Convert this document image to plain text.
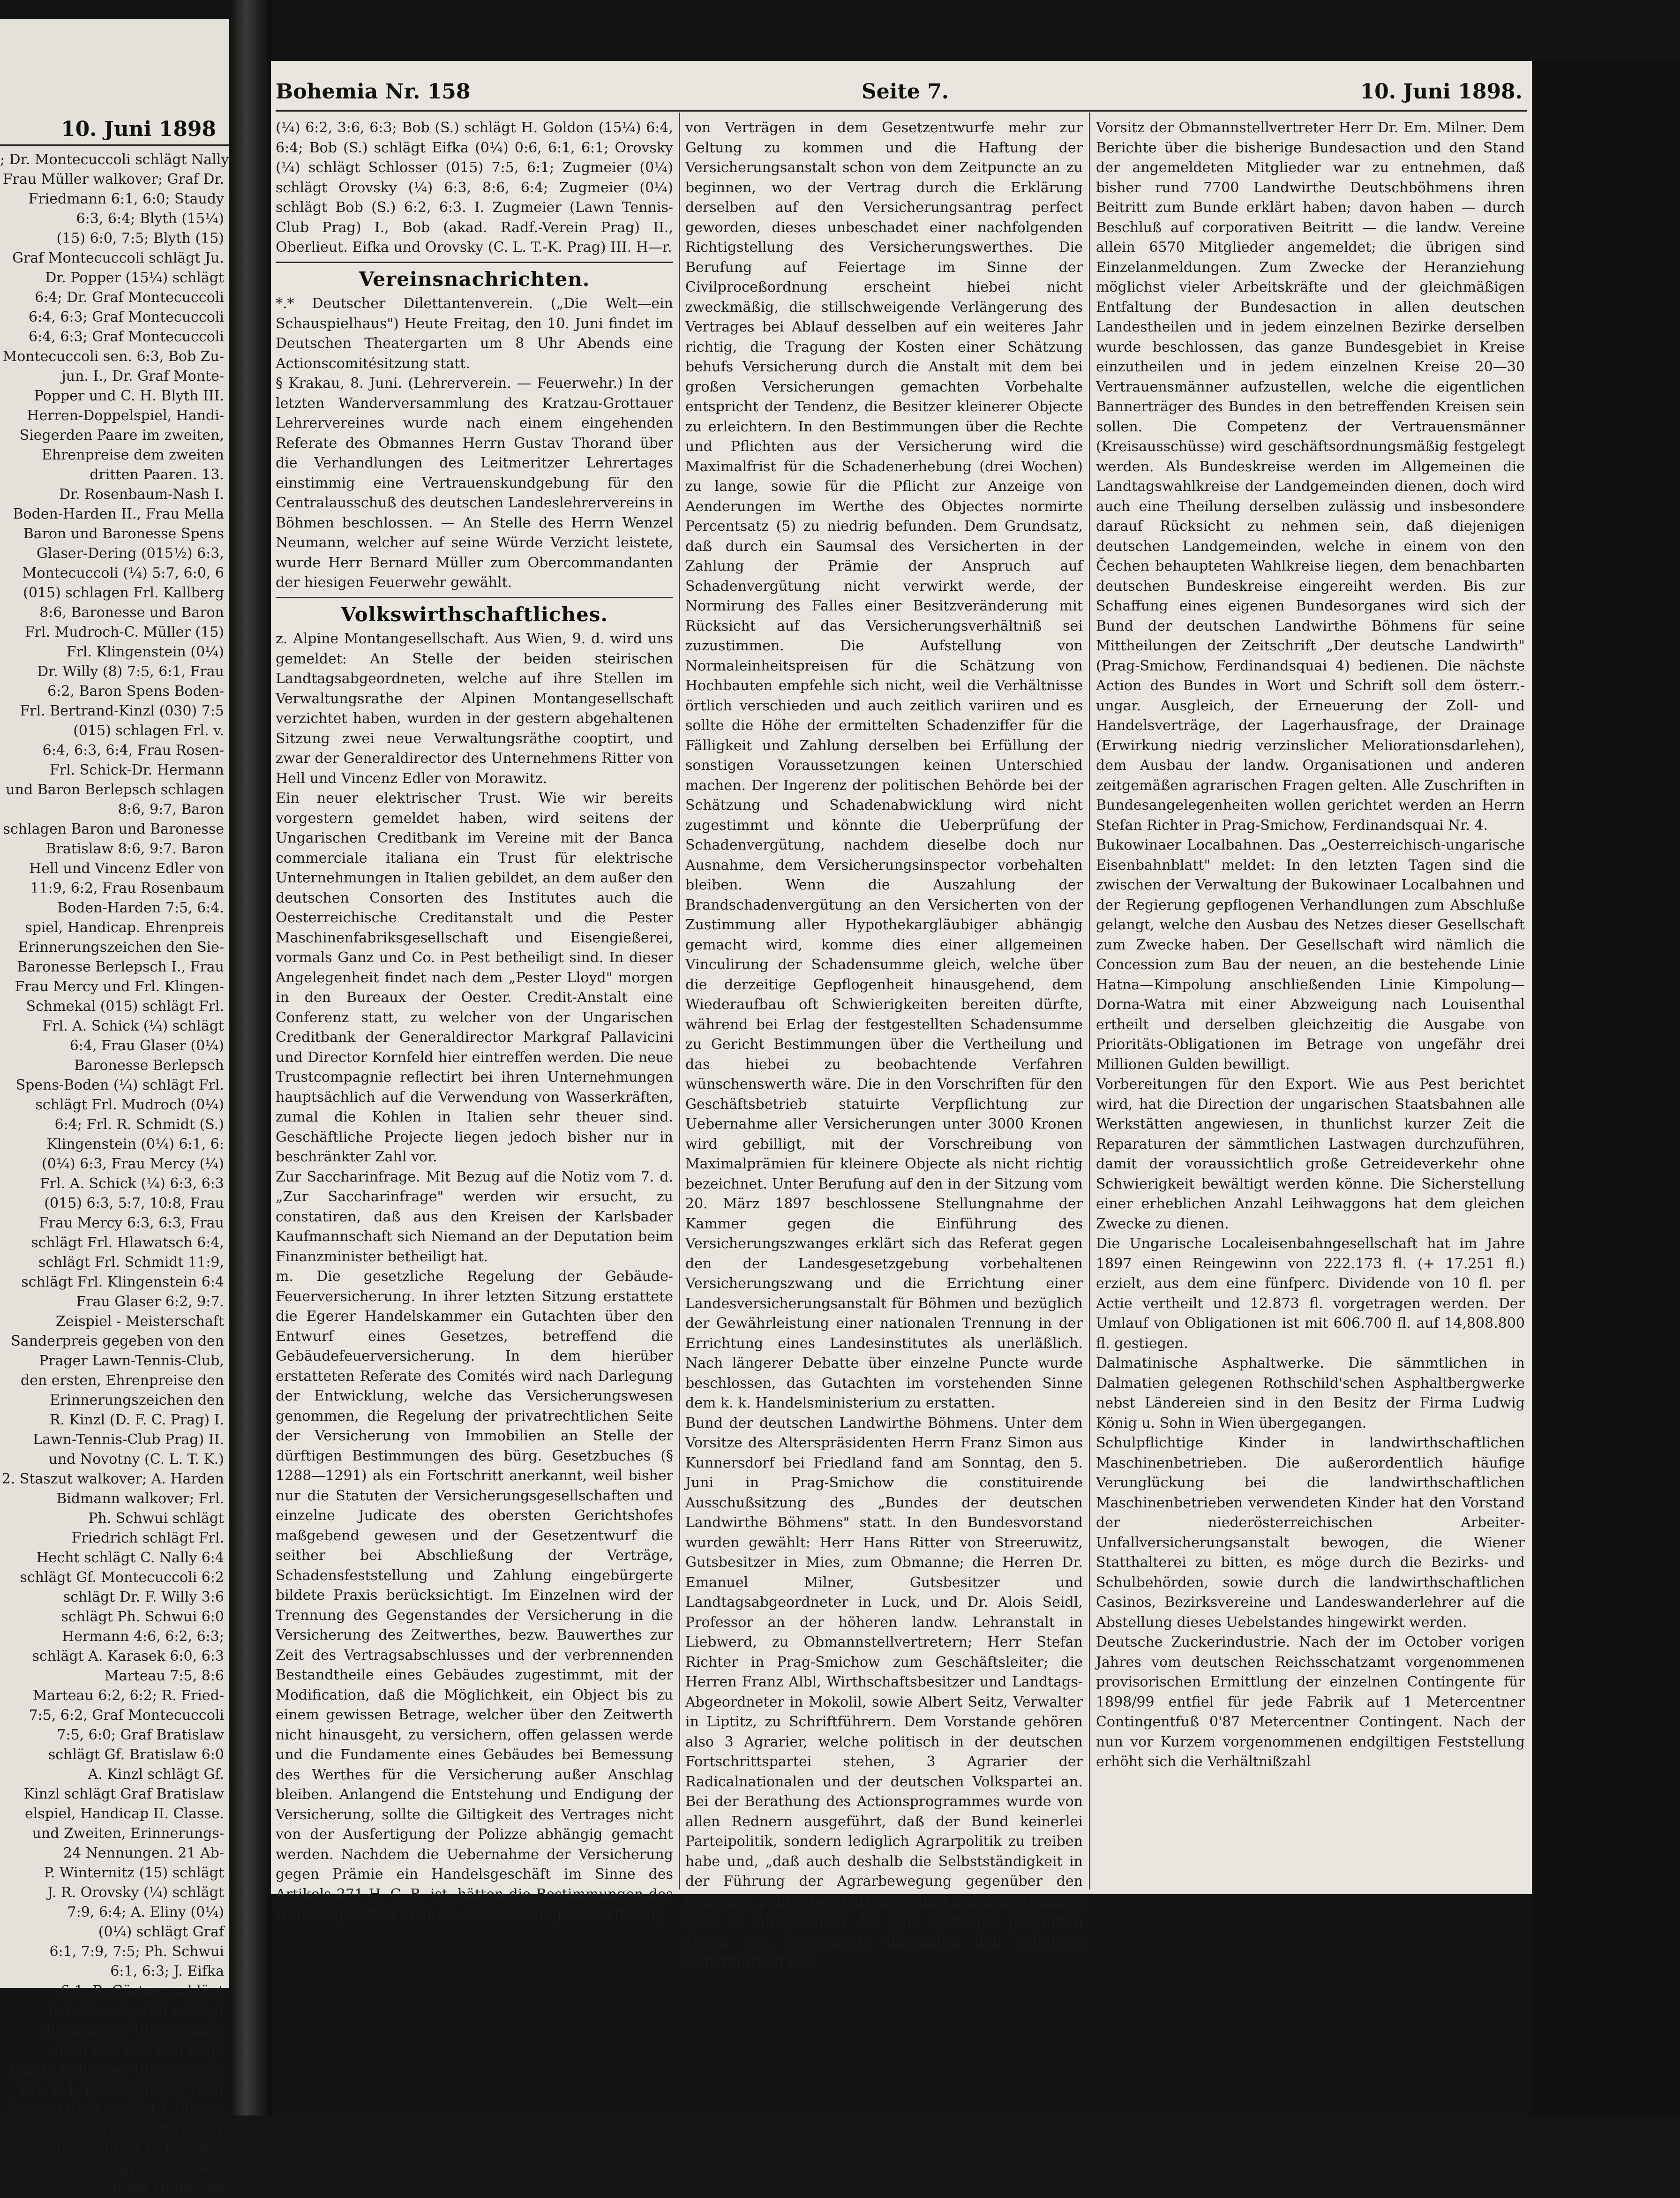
10. Juni 1898
; Dr. Montecuccoli schlägt Nally
Frau Müller walkover; Graf Dr.
Friedmann 6:1, 6:0; Staudy
6:3, 6:4; Blyth (15¼)
(15) 6:0, 7:5; Blyth (15)
Graf Montecuccoli schlägt Ju.
Dr. Popper (15¼) schlägt
6:4; Dr. Graf Montecuccoli
6:4, 6:3; Graf Montecuccoli
6:4, 6:3; Graf Montecuccoli
Montecuccoli sen. 6:3, Bob Zu-
jun. I., Dr. Graf Monte-
Popper und C. H. Blyth III.
Herren-Doppelspiel, Handi-
Siegerden Paare im zweiten,
Ehrenpreise dem zweiten
dritten Paaren. 13.
Dr. Rosenbaum-Nash I.
Boden-Harden II., Frau Mella
Baron und Baronesse Spens
Glaser-Dering (015½) 6:3,
Montecuccoli (¼) 5:7, 6:0, 6
(015) schlagen Frl. Kallberg
8:6, Baronesse und Baron
Frl. Mudroch-C. Müller (15)
Frl. Klingenstein (0¼)
Dr. Willy (8) 7:5, 6:1, Frau
6:2, Baron Spens Boden-
Frl. Bertrand-Kinzl (030) 7:5
(015) schlagen Frl. v.
6:4, 6:3, 6:4, Frau Rosen-
Frl. Schick-Dr. Hermann
und Baron Berlepsch schlagen
8:6, 9:7, Baron
schlagen Baron und Baronesse
Bratislaw 8:6, 9:7. Baron
Hell und Vincenz Edler von
11:9, 6:2, Frau Rosenbaum
Boden-Harden 7:5, 6:4.
spiel, Handicap. Ehrenpreis
Erinnerungszeichen den Sie-
Baronesse Berlepsch I., Frau
Frau Mercy und Frl. Klingen-
Schmekal (015) schlägt Frl.
Frl. A. Schick (¼) schlägt
6:4, Frau Glaser (0¼)
Baronesse Berlepsch
Spens-Boden (¼) schlägt Frl.
schlägt Frl. Mudroch (0¼)
6:4; Frl. R. Schmidt (S.)
Klingenstein (0¼) 6:1, 6:
(0¼) 6:3, Frau Mercy (¼)
Frl. A. Schick (¼) 6:3, 6:3
(015) 6:3, 5:7, 10:8, Frau
Frau Mercy 6:3, 6:3, Frau
schlägt Frl. Hlawatsch 6:4,
schlägt Frl. Schmidt 11:9,
schlägt Frl. Klingenstein 6:4
Frau Glaser 6:2, 9:7.
Zeispiel - Meisterschaft
Sanderpreis gegeben von den
Prager Lawn-Tennis-Club,
den ersten, Ehrenpreise den
Erinnerungszeichen den
R. Kinzl (D. F. C. Prag) I.
Lawn-Tennis-Club Prag) II.
und Novotny (C. L. T. K.)
2. Staszut walkover; A. Harden
Bidmann walkover; Frl.
Ph. Schwui schlägt
Friedrich schlägt Frl.
Hecht schlägt C. Nally 6:4
schlägt Gf. Montecuccoli 6:2
schlägt Dr. F. Willy 3:6
schlägt Ph. Schwui 6:0
Hermann 4:6, 6:2, 6:3;
schlägt A. Karasek 6:0, 6:3
Marteau 7:5, 8:6
Marteau 6:2, 6:2; R. Fried-
7:5, 6:2, Graf Montecuccoli
7:5, 6:0; Graf Bratislaw
schlägt Gf. Bratislaw 6:0
A. Kinzl schlägt Gf.
Kinzl schlägt Graf Bratislaw
elspiel, Handicap II. Classe.
und Zweiten, Erinnerungs-
24 Nennungen. 21 Ab-
P. Winternitz (15) schlägt
J. R. Orovsky (¼) schlägt
7:9, 6:4; A. Eliny (0¼)
(0¼) schlägt Graf
6:1, 7:9, 7:5; Ph. Schwui
6:1, 6:3; J. Eifka
6:1; B. Gärtner schlägt
6:1; Orovsky (¼) schlägt
P. Zugmeier (0¼) schlägt
(0¼) 6:3, 6:2; Bob Zuge
6:2; O. Schlosser (0¼) schlägt
6:1, 6:1; Bob Zugmeier (0¼)
Schwui (0¼) schlägt J. Dlouhy
Eifka (0¼) schlägt Dlouhy
(0¼) schlägt C. Brunner
(0¼) schlägt Ph. Schwui
schlägt Hoffmann
Bohemia Nr. 158	Seite 7.	10. Juni 1898.

(¼) 6:2, 3:6, 6:3; Bob (S.) schlägt H. Goldon (15¼) 6:4, 6:4; Bob (S.) schlägt Eifka (0¼) 0:6, 6:1, 6:1; Orovsky (¼) schlägt Schlosser (015) 7:5, 6:1; Zugmeier (0¼) schlägt Orovsky (¼) 6:3, 8:6, 6:4; Zugmeier (0¼) schlägt Bob (S.) 6:2, 6:3. I. Zugmeier (Lawn Tennis-Club Prag) I., Bob (akad. Radf.-Verein Prag) II., Oberlieut. Eifka und Orovsky (C. L. T.-K. Prag) III. H—r.

Vereinsnachrichten.

*.* Deutscher Dilettantenverein. („Die Welt—ein Schauspielhaus") Heute Freitag, den 10. Juni findet im Deutschen Theatergarten um 8 Uhr Abends eine Actionscomitésitzung statt.

§ Krakau, 8. Juni. (Lehrerverein. — Feuerwehr.) In der letzten Wanderversammlung des Kratzau-Grottauer Lehrervereines wurde nach einem eingehenden Referate des Obmannes Herrn Gustav Thorand über die Verhandlungen des Leitmeritzer Lehrertages einstimmig eine Vertrauenskundgebung für den Centralausschuß des deutschen Landeslehrervereins in Böhmen beschlossen. — An Stelle des Herrn Wenzel Neumann, welcher auf seine Würde Verzicht leistete, wurde Herr Bernard Müller zum Obercommandanten der hiesigen Feuerwehr gewählt.

Volkswirthschaftliches.

z. Alpine Montangesellschaft. Aus Wien, 9. d. wird uns gemeldet: An Stelle der beiden steirischen Landtagsabgeordneten, welche auf ihre Stellen im Verwaltungsrathe der Alpinen Montangesellschaft verzichtet haben, wurden in der gestern abgehaltenen Sitzung zwei neue Verwaltungsräthe cooptirt, und zwar der Generaldirector des Unternehmens Ritter von Hell und Vincenz Edler von Morawitz.

Ein neuer elektrischer Trust. Wie wir bereits vorgestern gemeldet haben, wird seitens der Ungarischen Creditbank im Vereine mit der Banca commerciale italiana ein Trust für elektrische Unternehmungen in Italien gebildet, an dem außer den deutschen Consorten des Institutes auch die Oesterreichische Creditanstalt und die Pester Maschinenfabriksgesellschaft und Eisengießerei, vormals Ganz und Co. in Pest betheiligt sind. In dieser Angelegenheit findet nach dem „Pester Lloyd" morgen in den Bureaux der Oester. Credit-Anstalt eine Conferenz statt, zu welcher von der Ungarischen Creditbank der Generaldirector Markgraf Pallavicini und Director Kornfeld hier eintreffen werden. Die neue Trustcompagnie reflectirt bei ihren Unternehmungen hauptsächlich auf die Verwendung von Wasserkräften, zumal die Kohlen in Italien sehr theuer sind. Geschäftliche Projecte liegen jedoch bisher nur in beschränkter Zahl vor.

Zur Saccharinfrage. Mit Bezug auf die Notiz vom 7. d. „Zur Saccharinfrage" werden wir ersucht, zu constatiren, daß aus den Kreisen der Karlsbader Kaufmannschaft sich Niemand an der Deputation beim Finanzminister betheiligt hat.

m. Die gesetzliche Regelung der Gebäude-Feuerversicherung. In ihrer letzten Sitzung erstattete die Egerer Handelskammer ein Gutachten über den Entwurf eines Gesetzes, betreffend die Gebäudefeuerversicherung. In dem hierüber erstatteten Referate des Comités wird nach Darlegung der Entwicklung, welche das Versicherungswesen genommen, die Regelung der privatrechtlichen Seite der Versicherung von Immobilien an Stelle der dürftigen Bestimmungen des bürg. Gesetzbuches (§ 1288—1291) als ein Fortschritt anerkannt, weil bisher nur die Statuten der Versicherungsgesellschaften und einzelne Judicate des obersten Gerichtshofes maßgebend gewesen und der Gesetzentwurf die seither bei Abschließung der Verträge, Schadensfeststellung und Zahlung eingebürgerte bildete Praxis berücksichtigt. Im Einzelnen wird der Trennung des Gegenstandes der Versicherung in die Versicherung des Zeitwerthes, bezw. Bauwerthes zur Zeit des Vertragsabschlusses und der verbrennenden Bestandtheile eines Gebäudes zugestimmt, mit der Modification, daß die Möglichkeit, ein Object bis zu einem gewissen Betrage, welcher über den Zeitwerth nicht hinausgeht, zu versichern, offen gelassen werde und die Fundamente eines Gebäudes bei Bemessung des Werthes für die Versicherung außer Anschlag bleiben. Anlangend die Entstehung und Endigung der Versicherung, sollte die Giltigkeit des Vertrages nicht von der Ausfertigung der Polizze abhängig gemacht werden. Nachdem die Uebernahme der Versicherung gegen Prämie ein Handelsgeschäft im Sinne des Artikels 271 H.-G.-B. ist, hätten die Bestimmungen des Handelsgesetzes über die Abschließung und Erfüllung

von Verträgen in dem Gesetzentwurfe mehr zur Geltung zu kommen und die Haftung der Versicherungsanstalt schon von dem Zeitpuncte an zu beginnen, wo der Vertrag durch die Erklärung derselben auf den Versicherungsantrag perfect geworden, dieses unbeschadet einer nachfolgenden Richtigstellung des Versicherungswerthes. Die Berufung auf Feiertage im Sinne der Civilproceßordnung erscheint hiebei nicht zweckmäßig, die stillschweigende Verlängerung des Vertrages bei Ablauf desselben auf ein weiteres Jahr richtig, die Tragung der Kosten einer Schätzung behufs Versicherung durch die Anstalt mit dem bei großen Versicherungen gemachten Vorbehalte entspricht der Tendenz, die Besitzer kleinerer Objecte zu erleichtern. In den Bestimmungen über die Rechte und Pflichten aus der Versicherung wird die Maximalfrist für die Schadenerhebung (drei Wochen) zu lange, sowie für die Pflicht zur Anzeige von Aenderungen im Werthe des Objectes normirte Percentsatz (5) zu niedrig befunden. Dem Grundsatz, daß durch ein Saumsal des Versicherten in der Zahlung der Prämie der Anspruch auf Schadenvergütung nicht verwirkt werde, der Normirung des Falles einer Besitzveränderung mit Rücksicht auf das Versicherungsverhältniß sei zuzustimmen. Die Aufstellung von Normaleinheitspreisen für die Schätzung von Hochbauten empfehle sich nicht, weil die Verhältnisse örtlich verschieden und auch zeitlich variiren und es sollte die Höhe der ermittelten Schadenziffer für die Fälligkeit und Zahlung derselben bei Erfüllung der sonstigen Voraussetzungen keinen Unterschied machen. Der Ingerenz der politischen Behörde bei der Schätzung und Schadenabwicklung wird nicht zugestimmt und könnte die Ueberprüfung der Schadenvergütung, nachdem dieselbe doch nur Ausnahme, dem Versicherungsinspector vorbehalten bleiben. Wenn die Auszahlung der Brandschadenvergütung an den Versicherten von der Zustimmung aller Hypothekargläubiger abhängig gemacht wird, komme dies einer allgemeinen Vinculirung der Schadensumme gleich, welche über die derzeitige Gepflogenheit hinausgehend, dem Wiederaufbau oft Schwierigkeiten bereiten dürfte, während bei Erlag der festgestellten Schadensumme zu Gericht Bestimmungen über die Vertheilung und das hiebei zu beobachtende Verfahren wünschenswerth wäre. Die in den Vorschriften für den Geschäftsbetrieb statuirte Verpflichtung zur Uebernahme aller Versicherungen unter 3000 Kronen wird gebilligt, mit der Vorschreibung von Maximalprämien für kleinere Objecte als nicht richtig bezeichnet. Unter Berufung auf den in der Sitzung vom 20. März 1897 beschlossene Stellungnahme der Kammer gegen die Einführung des Versicherungszwanges erklärt sich das Referat gegen den der Landesgesetzgebung vorbehaltenen Versicherungszwang und die Errichtung einer Landesversicherungsanstalt für Böhmen und bezüglich der Gewährleistung einer nationalen Trennung in der Errichtung eines Landesinstitutes als unerläßlich. Nach längerer Debatte über einzelne Puncte wurde beschlossen, das Gutachten im vorstehenden Sinne dem k. k. Handelsministerium zu erstatten.

Bund der deutschen Landwirthe Böhmens. Unter dem Vorsitze des Alterspräsidenten Herrn Franz Simon aus Kunnersdorf bei Friedland fand am Sonntag, den 5. Juni in Prag-Smichow die constituirende Ausschußsitzung des „Bundes der deutschen Landwirthe Böhmens" statt. In den Bundesvorstand wurden gewählt: Herr Hans Ritter von Streeruwitz, Gutsbesitzer in Mies, zum Obmanne; die Herren Dr. Emanuel Milner, Gutsbesitzer und Landtagsabgeordneter in Luck, und Dr. Alois Seidl, Professor an der höheren landw. Lehranstalt in Liebwerd, zu Obmannstellvertretern; Herr Stefan Richter in Prag-Smichow zum Geschäftsleiter; die Herren Franz Albl, Wirthschaftsbesitzer und Landtags-Abgeordneter in Mokolil, sowie Albert Seitz, Verwalter in Liptitz, zu Schriftführern. Dem Vorstande gehören also 3 Agrarier, welche politisch in der deutschen Fortschrittspartei stehen, 3 Agrarier der Radicalnationalen und der deutschen Volkspartei an. Bei der Berathung des Actionsprogrammes wurde von allen Rednern ausgeführt, daß der Bund keinerlei Parteipolitik, sondern lediglich Agrarpolitik zu treiben habe und, „daß auch deshalb die Selbstständigkeit in der Führung der Agrarbewegung gegenüber den einzelnen politischen Parteien zum Ausdrucke kommen soll." In Abwesenheit des zum Obmanne gewählten Herrn von Streeruwitz übernahm den erfolgten Constituirung den

Vorsitz der Obmannstellvertreter Herr Dr. Em. Milner. Dem Berichte über die bisherige Bundesaction und den Stand der angemeldeten Mitglieder war zu entnehmen, daß bisher rund 7700 Landwirthe Deutschböhmens ihren Beitritt zum Bunde erklärt haben; davon haben — durch Beschluß auf corporativen Beitritt — die landw. Vereine allein 6570 Mitglieder angemeldet; die übrigen sind Einzelanmeldungen. Zum Zwecke der Heranziehung möglichst vieler Arbeitskräfte und der gleichmäßigen Entfaltung der Bundesaction in allen deutschen Landestheilen und in jedem einzelnen Bezirke derselben wurde beschlossen, das ganze Bundesgebiet in Kreise einzutheilen und in jedem einzelnen Kreise 20—30 Vertrauensmänner aufzustellen, welche die eigentlichen Bannerträger des Bundes in den betreffenden Kreisen sein sollen. Die Competenz der Vertrauensmänner (Kreisausschüsse) wird geschäftsordnungsmäßig festgelegt werden. Als Bundeskreise werden im Allgemeinen die Landtagswahlkreise der Landgemeinden dienen, doch wird auch eine Theilung derselben zulässig und insbesondere darauf Rücksicht zu nehmen sein, daß diejenigen deutschen Landgemeinden, welche in einem von den Čechen behaupteten Wahlkreise liegen, dem benachbarten deutschen Bundeskreise eingereiht werden. Bis zur Schaffung eines eigenen Bundesorganes wird sich der Bund der deutschen Landwirthe Böhmens für seine Mittheilungen der Zeitschrift „Der deutsche Landwirth" (Prag-Smichow, Ferdinandsquai 4) bedienen. Die nächste Action des Bundes in Wort und Schrift soll dem österr.-ungar. Ausgleich, der Erneuerung der Zoll- und Handelsverträge, der Lagerhausfrage, der Drainage (Erwirkung niedrig verzinslicher Meliorationsdarlehen), dem Ausbau der landw. Organisationen und anderen zeitgemäßen agrarischen Fragen gelten. Alle Zuschriften in Bundesangelegenheiten wollen gerichtet werden an Herrn Stefan Richter in Prag-Smichow, Ferdinandsquai Nr. 4.

Bukowinaer Localbahnen. Das „Oesterreichisch-ungarische Eisenbahnblatt" meldet: In den letzten Tagen sind die zwischen der Verwaltung der Bukowinaer Localbahnen und der Regierung gepflogenen Verhandlungen zum Abschluße gelangt, welche den Ausbau des Netzes dieser Gesellschaft zum Zwecke haben. Der Gesellschaft wird nämlich die Concession zum Bau der neuen, an die bestehende Linie Hatna—Kimpolung anschließenden Linie Kimpolung—Dorna-Watra mit einer Abzweigung nach Louisenthal ertheilt und derselben gleichzeitig die Ausgabe von Prioritäts-Obligationen im Betrage von ungefähr drei Millionen Gulden bewilligt.

Vorbereitungen für den Export. Wie aus Pest berichtet wird, hat die Direction der ungarischen Staatsbahnen alle Werkstätten angewiesen, in thunlichst kurzer Zeit die Reparaturen der sämmtlichen Lastwagen durchzuführen, damit der voraussichtlich große Getreideverkehr ohne Schwierigkeit bewältigt werden könne. Die Sicherstellung einer erheblichen Anzahl Leihwaggons hat dem gleichen Zwecke zu dienen.

Die Ungarische Localeisenbahngesellschaft hat im Jahre 1897 einen Reingewinn von 222.173 fl. (+ 17.251 fl.) erzielt, aus dem eine fünfperc. Dividende von 10 fl. per Actie vertheilt und 12.873 fl. vorgetragen werden. Der Umlauf von Obligationen ist mit 606.700 fl. auf 14,808.800 fl. gestiegen.

Dalmatinische Asphaltwerke. Die sämmtlichen in Dalmatien gelegenen Rothschild'schen Asphaltbergwerke nebst Ländereien sind in den Besitz der Firma Ludwig König u. Sohn in Wien übergegangen.

Schulpflichtige Kinder in landwirthschaftlichen Maschinenbetrieben. Die außerordentlich häufige Verunglückung bei die landwirthschaftlichen Maschinenbetrieben verwendeten Kinder hat den Vorstand der niederösterreichischen Arbeiter-Unfallversicherungsanstalt bewogen, die Wiener Statthalterei zu bitten, es möge durch die Bezirks- und Schulbehörden, sowie durch die landwirthschaftlichen Casinos, Bezirksvereine und Landeswanderlehrer auf die Abstellung dieses Uebelstandes hingewirkt werden.

Deutsche Zuckerindustrie. Nach der im October vorigen Jahres vom deutschen Reichsschatzamt vorgenommenen provisorischen Ermittlung der einzelnen Contingente für 1898/99 entfiel für jede Fabrik auf 1 Metercentner Contingentfuß 0'87 Metercentner Contingent. Nach der nun vor Kurzem vorgenommenen endgiltigen Feststellung erhöht sich die Verhältnißzahl
